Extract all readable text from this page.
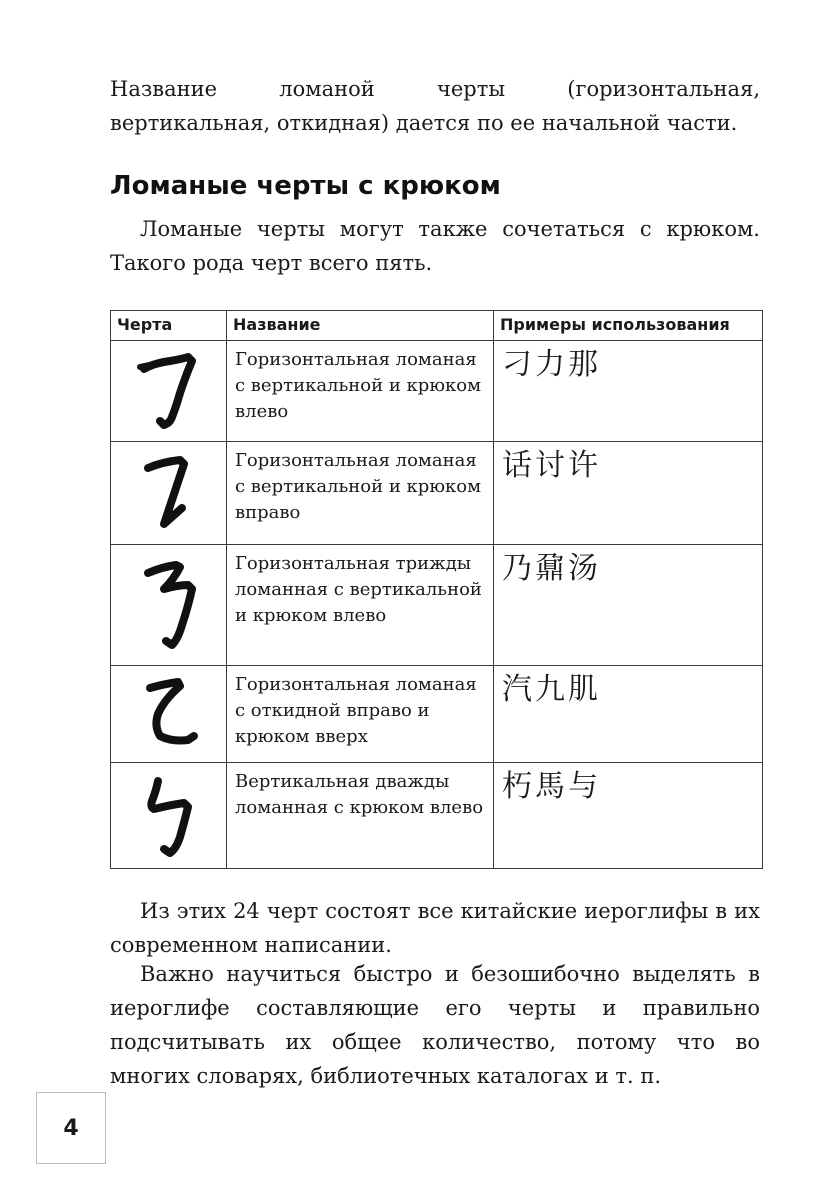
Название ломаной черты (горизонтальная, вертикальная, откидная) дается по ее начальной части.

Ломаные черты с крюком

Ломаные черты могут также сочетаться с крюком. Такого рода черт всего пять.

Черта	Название	Примеры использования

	Горизонтальная ломаная с вертикальной и крюком влево	刁力那

	Горизонтальная ломаная с вертикальной и крюком вправо	话讨许

	Горизонтальная трижды ломанная с вертикальной и крюком влево	乃鼐汤

	Горизонтальная ломаная с откидной вправо и крюком вверх	汽九肌

	Вертикальная дважды ломанная с крюком влево	朽馬与

Из этих 24 черт состоят все китайские иероглифы в их современном написании.

Важно научиться быстро и безошибочно выделять в иероглифе составляющие его черты и правильно подсчитывать их общее количество, потому что во многих словарях, библиотечных каталогах и т. п.

4
